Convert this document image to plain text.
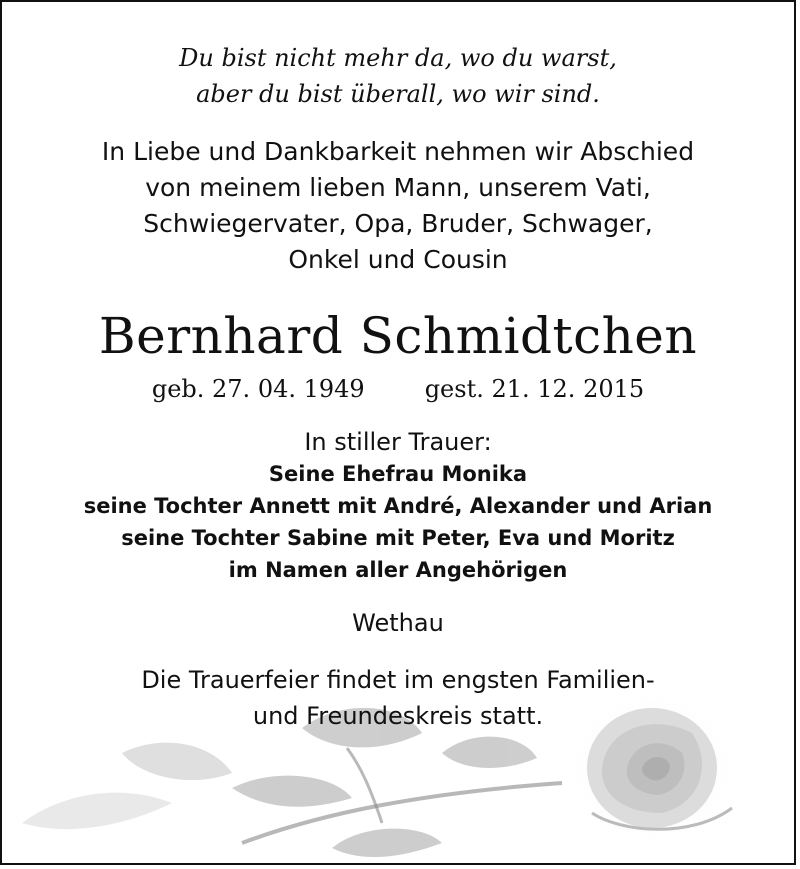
Du bist nicht mehr da, wo du warst,
aber du bist überall, wo wir sind.
In Liebe und Dankbarkeit nehmen wir Abschied
von meinem lieben Mann, unserem Vati,
Schwiegervater, Opa, Bruder, Schwager,
Onkel und Cousin
Bernhard Schmidtchen
geb. 27. 04. 1949	gest. 21. 12. 2015
In stiller Trauer:
Seine Ehefrau Monika
seine Tochter Annett mit André, Alexander und Arian
seine Tochter Sabine mit Peter, Eva und Moritz
im Namen aller Angehörigen
Wethau
Die Trauerfeier findet im engsten Familien-
und Freundeskreis statt.
